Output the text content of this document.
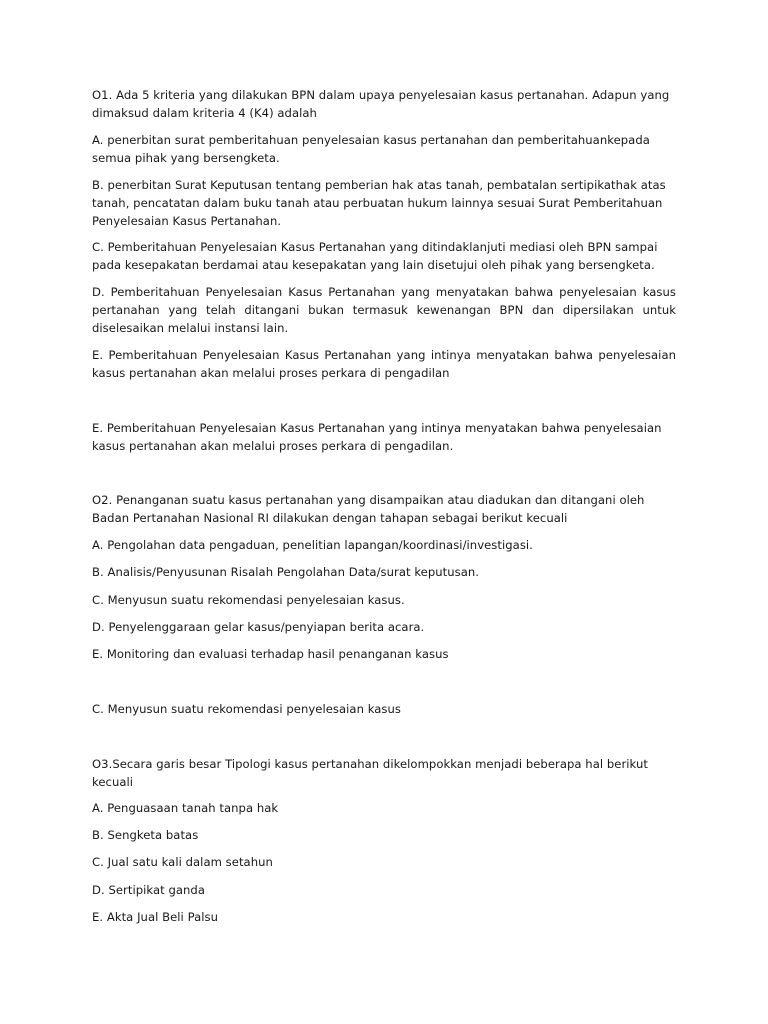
O1. Ada 5 kriteria yang dilakukan BPN dalam upaya penyelesaian kasus pertanahan. Adapun yang dimaksud dalam kriteria 4 (K4) adalah
A. penerbitan surat pemberitahuan penyelesaian kasus pertanahan dan pemberitahuankepada semua pihak yang bersengketa.
B. penerbitan Surat Keputusan tentang pemberian hak atas tanah, pembatalan sertipikathak atas tanah, pencatatan dalam buku tanah atau perbuatan hukum lainnya sesuai Surat Pemberitahuan Penyelesaian Kasus Pertanahan.
C. Pemberitahuan Penyelesaian Kasus Pertanahan yang ditindaklanjuti mediasi oleh BPN sampai pada kesepakatan berdamai atau kesepakatan yang lain disetujui oleh pihak yang bersengketa.
D. Pemberitahuan Penyelesaian Kasus Pertanahan yang menyatakan bahwa penyelesaian kasus pertanahan yang telah ditangani bukan termasuk kewenangan BPN dan dipersilakan untuk diselesaikan melalui instansi lain.
E. Pemberitahuan Penyelesaian Kasus Pertanahan yang intinya menyatakan bahwa penyelesaian kasus pertanahan akan melalui proses perkara di pengadilan
E. Pemberitahuan Penyelesaian Kasus Pertanahan yang intinya menyatakan bahwa penyelesaian kasus pertanahan akan melalui proses perkara di pengadilan.
O2. Penanganan suatu kasus pertanahan yang disampaikan atau diadukan dan ditangani oleh Badan Pertanahan Nasional RI dilakukan dengan tahapan sebagai berikut kecuali
A. Pengolahan data pengaduan, penelitian lapangan/koordinasi/investigasi.
B. Analisis/Penyusunan Risalah Pengolahan Data/surat keputusan.
C. Menyusun suatu rekomendasi penyelesaian kasus.
D. Penyelenggaraan gelar kasus/penyiapan berita acara.
E. Monitoring dan evaluasi terhadap hasil penanganan kasus
C. Menyusun suatu rekomendasi penyelesaian kasus
O3.Secara garis besar Tipologi kasus pertanahan dikelompokkan menjadi beberapa hal berikut kecuali
A. Penguasaan tanah tanpa hak
B. Sengketa batas
C. Jual satu kali dalam setahun
D. Sertipikat ganda
E. Akta Jual Beli Palsu
